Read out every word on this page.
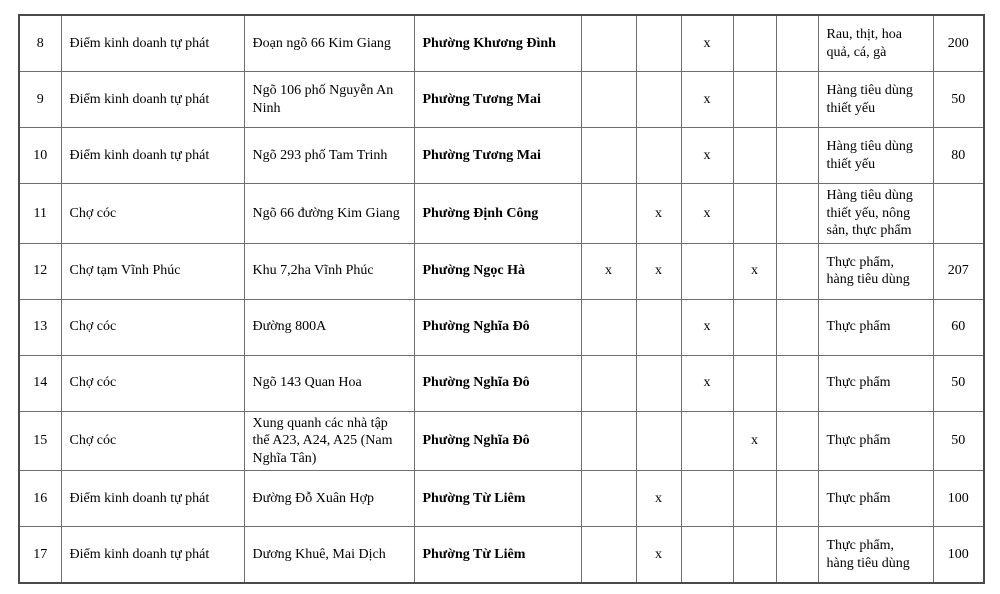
8	Điểm kinh doanh tự phát	Đoạn ngõ 66 Kim Giang	Phường Khương Đình			x			Rau, thịt, hoa quả, cá, gà	200
9	Điểm kinh doanh tự phát	Ngõ 106 phố Nguyễn An Ninh	Phường Tương Mai			x			Hàng tiêu dùng thiết yếu	50
10	Điểm kinh doanh tự phát	Ngõ 293 phố Tam Trinh	Phường Tương Mai			x			Hàng tiêu dùng thiết yếu	80
11	Chợ cóc	Ngõ 66 đường Kim Giang	Phường Định Công		x	x			Hàng tiêu dùng thiết yếu, nông sản, thực phẩm	
12	Chợ tạm Vĩnh Phúc	Khu 7,2ha Vĩnh Phúc	Phường Ngọc Hà	x	x		x		Thực phẩm, hàng tiêu dùng	207
13	Chợ cóc	Đường 800A	Phường Nghĩa Đô			x			Thực phẩm	60
14	Chợ cóc	Ngõ 143 Quan Hoa	Phường Nghĩa Đô			x			Thực phẩm	50
15	Chợ cóc	Xung quanh các nhà tập thể A23, A24, A25 (Nam Nghĩa Tân)	Phường Nghĩa Đô				x		Thực phẩm	50
16	Điểm kinh doanh tự phát	Đường Đỗ Xuân Hợp	Phường Từ Liêm		x				Thực phẩm	100
17	Điểm kinh doanh tự phát	Dương Khuê, Mai Dịch	Phường Từ Liêm		x				Thực phẩm, hàng tiêu dùng	100
